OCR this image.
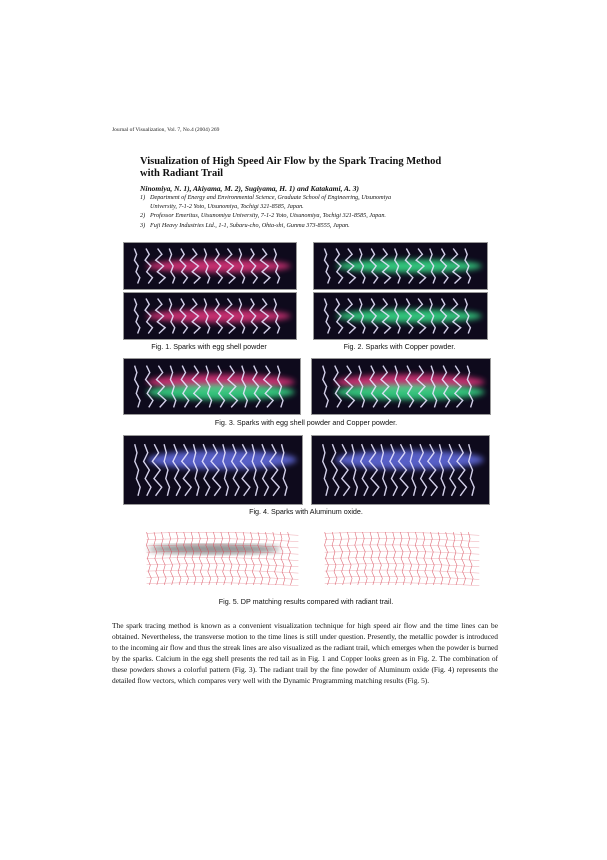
Journal of Visualization, Vol. 7, No.4 (2004) 269
Visualization of High Speed Air Flow by the Spark Tracing Method
with Radiant Trail
Ninomiya, N. 1), Akiyama, M. 2), Sugiyama, H. 1) and Katakami, A. 3)
1) Department of Energy and Environmental Science, Graduate School of Engineering, Utsunomiya
University, 7-1-2 Yoto, Utsunomiya, Tochigi 321-8585, Japan.
2) Professor Emeritus, Utsunomiya University, 7-1-2 Yoto, Utsunomiya, Tochigi 321-8585, Japan.
3) Fuji Heavy Industries Ltd., 1-1, Subaru-cho, Ohta-shi, Gunma 373-8555, Japan.
Fig. 1. Sparks with egg shell powder	Fig. 2. Sparks with Copper powder.
Fig. 3. Sparks with egg shell powder and Copper powder.
Fig. 4. Sparks with Aluminum oxide.
Fig. 5. DP matching results compared with radiant trail.
The spark tracing method is known as a convenient visualization technique for high speed air flow and the time lines can be obtained. Nevertheless, the transverse motion to the time lines is still under question. Presently, the metallic powder is introduced to the incoming air flow and thus the streak lines are also visualized as the radiant trail, which emerges when the powder is burned by the sparks. Calcium in the egg shell presents the red tail as in Fig. 1 and Copper looks green as in Fig. 2. The combination of these powders shows a colorful pattern (Fig. 3). The radiant trail by the fine powder of Aluminum oxide (Fig. 4) represents the detailed flow vectors, which compares very well with the Dynamic Programming matching results (Fig. 5).
